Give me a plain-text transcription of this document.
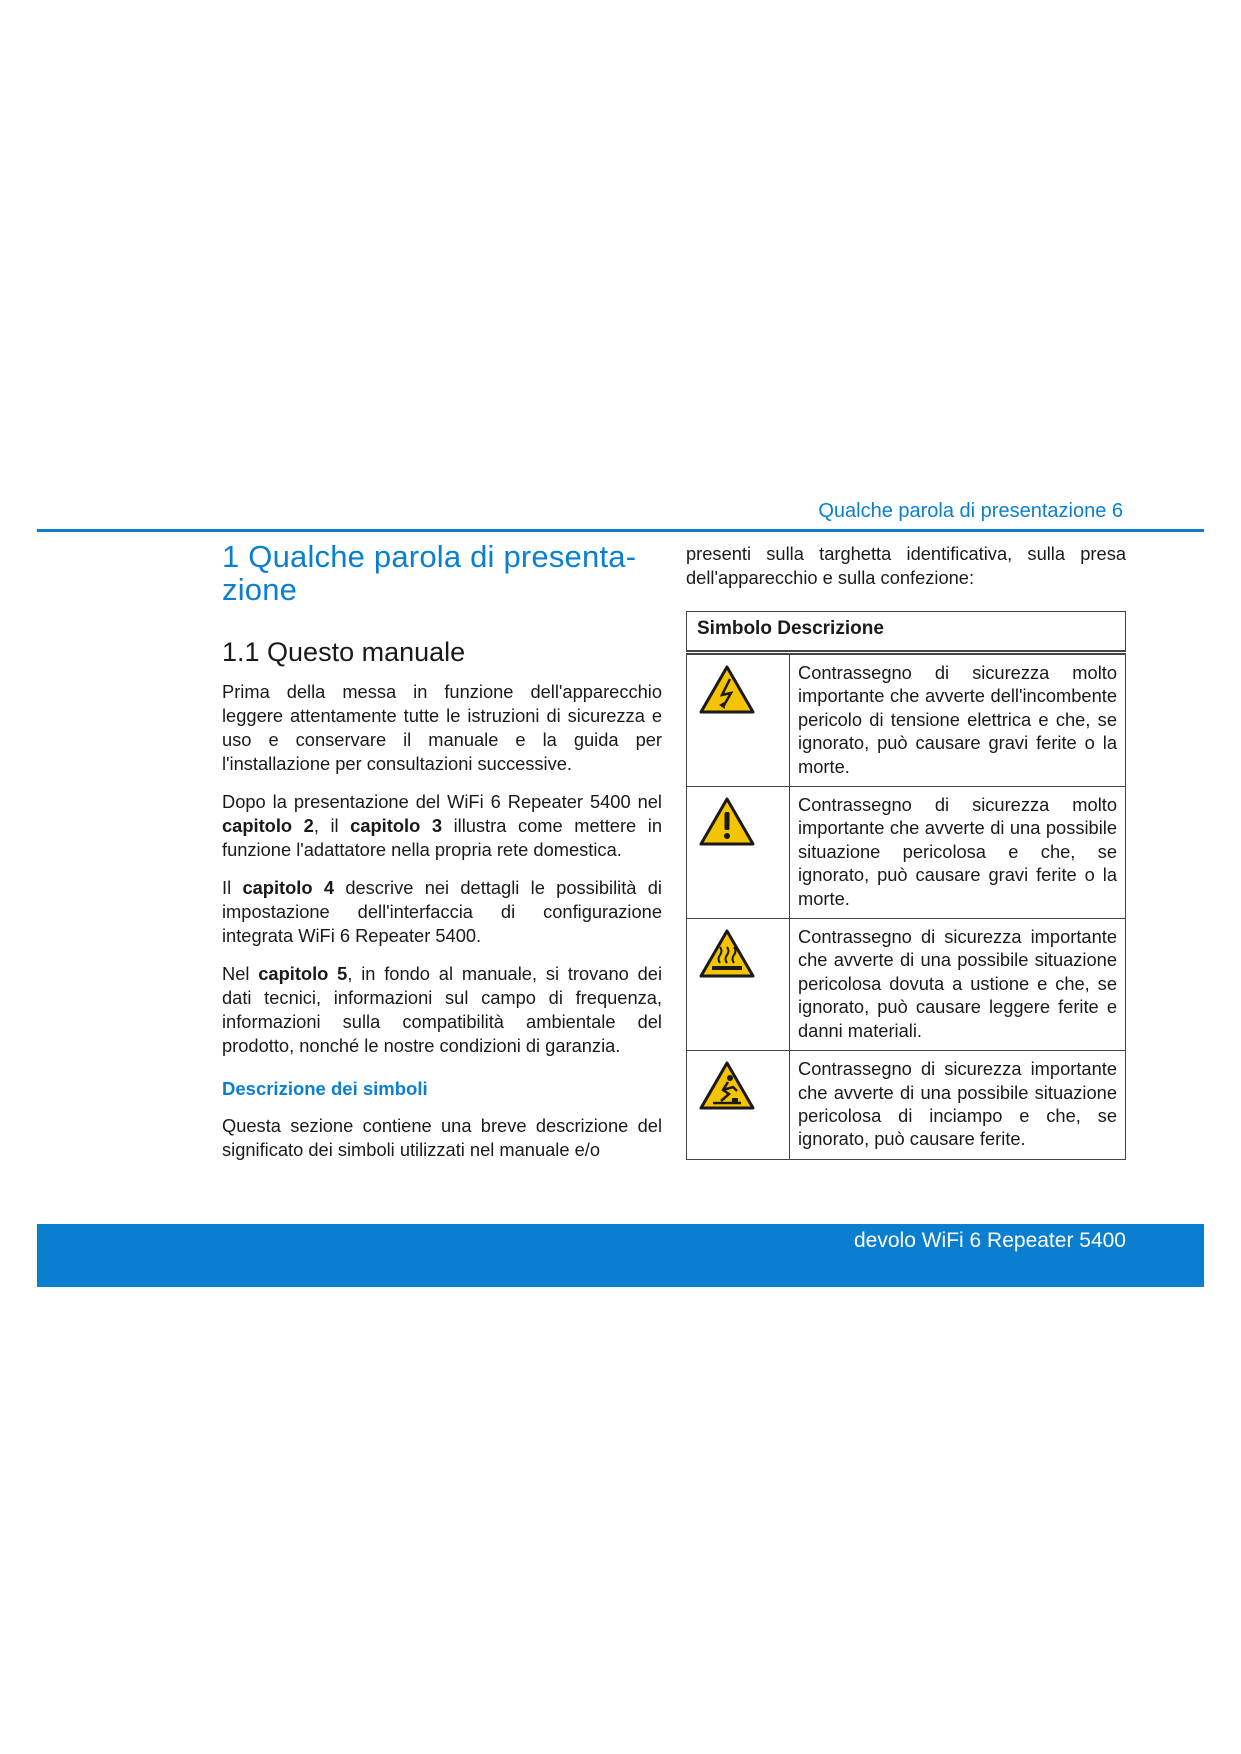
Qualche parola di presentazione 6
1 Qualche parola di presenta-zione
1.1 Questo manuale

Prima della messa in funzione dell'apparecchio leggere attentamente tutte le istruzioni di sicurezza e uso e conservare il manuale e la guida per l'installazione per consultazioni successive.

Dopo la presentazione del WiFi 6 Repeater 5400 nel capitolo 2, il capitolo 3 illustra come mettere in funzione l'adattatore nella propria rete domestica.

Il capitolo 4 descrive nei dettagli le possibilità di impostazione dell'interfaccia di configurazione integrata WiFi 6 Repeater 5400.

Nel capitolo 5, in fondo al manuale, si trovano dei dati tecnici, informazioni sul campo di frequenza, informazioni sulla compatibilità ambientale del prodotto, nonché le nostre condizioni di garanzia.

Descrizione dei simboli

Questa sezione contiene una breve descrizione del significato dei simboli utilizzati nel manuale e/o

presenti sulla targhetta identificativa, sulla presa dell'apparecchio e sulla confezione:

Simbolo Descrizione	

	Contrassegno di sicurezza molto importante che avverte dell'incombente pericolo di tensione elettrica e che, se ignorato, può causare gravi ferite o la morte.

	Contrassegno di sicurezza molto importante che avverte di una possibile situazione pericolosa e che, se ignorato, può causare gravi ferite o la morte.

	Contrassegno di sicurezza importante che avverte di una possibile situazione pericolosa dovuta a ustione e che, se ignorato, può causare leggere ferite e danni materiali.

	Contrassegno di sicurezza importante che avverte di una possibile situazione pericolosa di inciampo e che, se ignorato, può causare ferite.
devolo WiFi 6 Repeater 5400
